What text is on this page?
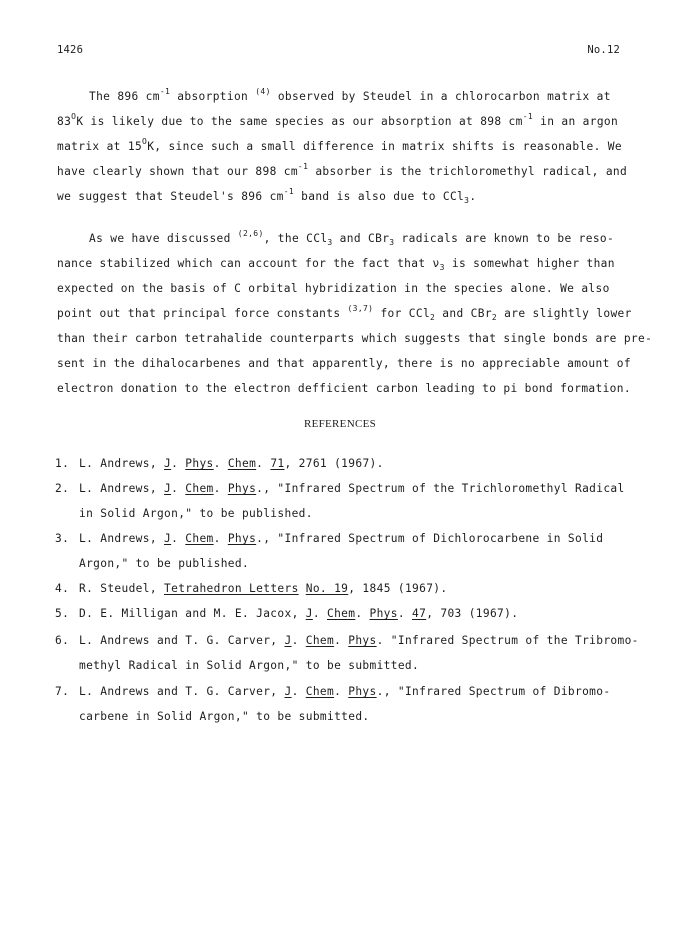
1426	No.12
The 896 $cm^{-1}$ absorption $^{(4)}$ observed by Steudel in a chlorocarbon matrix at
$83^OK$ is likely due to the same species as our absorption at 898 $cm^{-1}$ in an argon
matrix at $15^OK$, since such a small difference in matrix shifts is reasonable. We
have clearly shown that our 898 $cm^{-1}$ absorber is the trichloromethyl radical, and
we suggest that Steudel's 896 $cm^{-1}$ band is also due to CCl$_3$.
As we have discussed $^{(2,6)}$, the CCl$_3$ and CBr$_3$ radicals are known to be reso-
nance stabilized which can account for the fact that $\nu_3$ is somewhat higher than
expected on the basis of C orbital hybridization in the species alone. We also
point out that principal force constants $^{(3,7)}$ for CCl$_2$ and CBr$_2$ are slightly lower
than their carbon tetrahalide counterparts which suggests that single bonds are pre-
sent in the dihalocarbenes and that apparently, there is no appreciable amount of
electron donation to the electron defficient carbon leading to pi bond formation.
REFERENCES
1. L. Andrews, J. Phys. Chem. 71, 2761 (1967).
2. L. Andrews, J. Chem. Phys., "Infrared Spectrum of the Trichloromethyl Radical
in Solid Argon," to be published.
3. L. Andrews, J. Chem. Phys., "Infrared Spectrum of Dichlorocarbene in Solid
Argon," to be published.
4. R. Steudel, Tetrahedron Letters No. 19, 1845 (1967).
5. D. E. Milligan and M. E. Jacox, J. Chem. Phys. 47, 703 (1967).
6. L. Andrews and T. G. Carver, J. Chem. Phys. "Infrared Spectrum of the Tribromo-
methyl Radical in Solid Argon," to be submitted.
7. L. Andrews and T. G. Carver, J. Chem. Phys., "Infrared Spectrum of Dibromo-
carbene in Solid Argon," to be submitted.
